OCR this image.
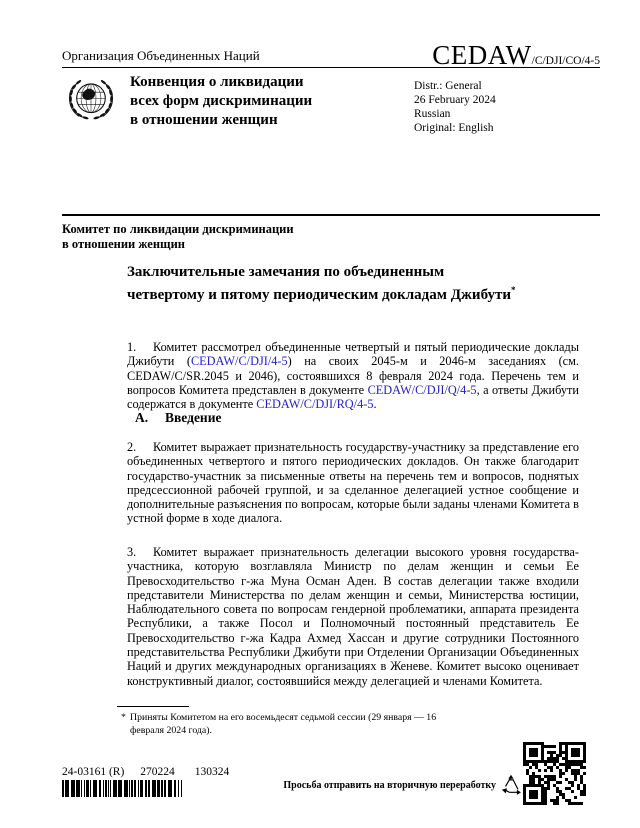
Организация Объединенных Наций	CEDAW/C/DJI/CO/4-5
Конвенция о ликвидации
всех форм дискриминации
в отношении женщин
Distr.: General
26 February 2024
Russian
Original: English
Комитет по ликвидации дискриминации
в отношении женщин
Заключительные замечания по объединенным четвертому и пятому периодическим докладам Джибути*
1. Комитет рассмотрел объединенные четвертый и пятый периодические доклады Джибути (CEDAW/C/DJI/4-5) на своих 2045-м и 2046-м заседаниях (см. CEDAW/C/SR.2045 и 2046), состоявшихся 8 февраля 2024 года. Перечень тем и вопросов Комитета представлен в документе CEDAW/C/DJI/Q/4-5, а ответы Джибути содержатся в документе CEDAW/C/DJI/RQ/4-5.
A. Введение
2. Комитет выражает признательность государству-участнику за представление его объединенных четвертого и пятого периодических докладов. Он также благодарит государство-участник за письменные ответы на перечень тем и вопросов, поднятых предсессионной рабочей группой, и за сделанное делегацией устное сообщение и дополнительные разъяснения по вопросам, которые были заданы членами Комитета в устной форме в ходе диалога.
3. Комитет выражает признательность делегации высокого уровня государства-участника, которую возглавляла Министр по делам женщин и семьи Ее Превосходительство г-жа Муна Осман Аден. В состав делегации также входили представители Министерства по делам женщин и семьи, Министерства юстиции, Наблюдательного совета по вопросам гендерной проблематики, аппарата президента Республики, а также Посол и Полномочный постоянный представитель Ее Превосходительство г-жа Кадра Ахмед Хассан и другие сотрудники Постоянного представительства Республики Джибути при Отделении Организации Объединенных Наций и других международных организациях в Женеве. Комитет высоко оценивает конструктивный диалог, состоявшийся между делегацией и членами Комитета.
* Приняты Комитетом на его восемьдесят седьмой сессии (29 января — 16 февраля 2024 года).
24-03161 (R) 270224 130324
Просьба отправить на вторичную переработку
